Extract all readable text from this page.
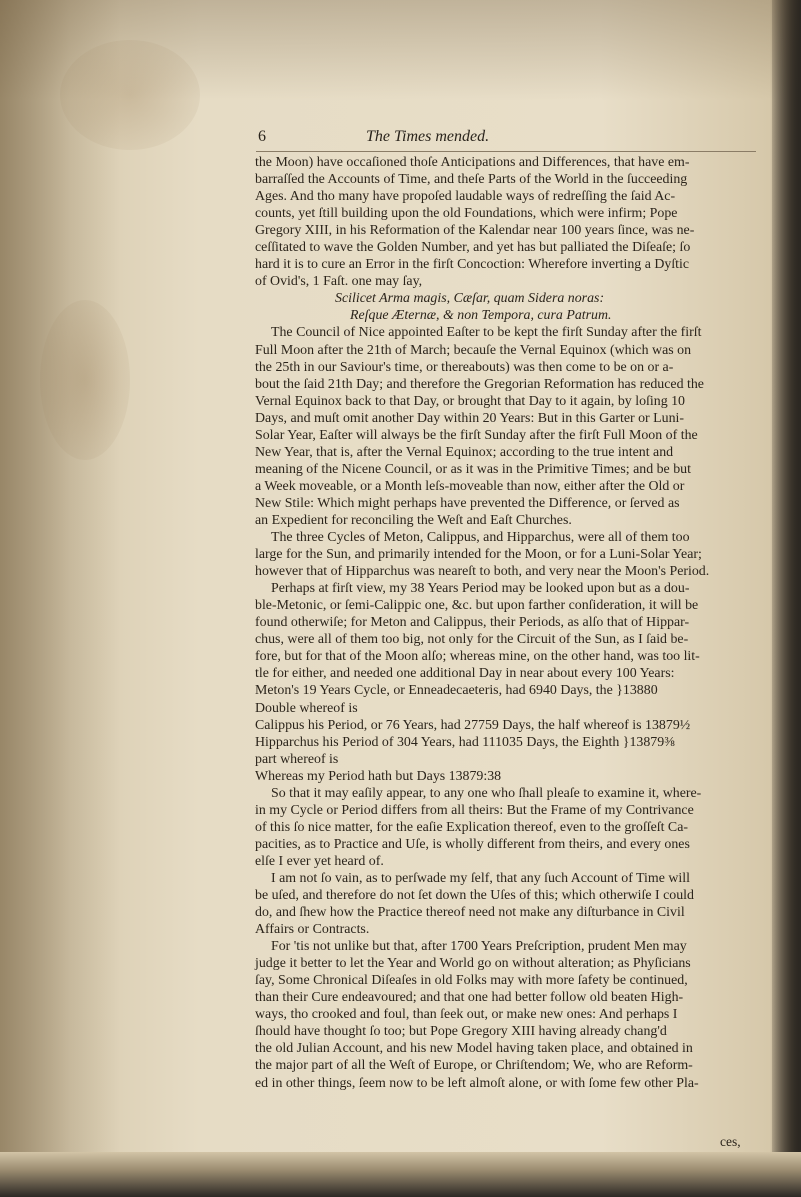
6	The Times mended.

the Moon) have occaſioned thoſe Anticipations and Differences, that have em-

barraſſed the Accounts of Time, and theſe Parts of the World in the ſucceeding

Ages. And tho many have propoſed laudable ways of redreſſing the ſaid Ac-

counts, yet ſtill building upon the old Foundations, which were infirm; Pope

Gregory XIII, in his Reformation of the Kalendar near 100 years ſince, was ne-

ceſſitated to wave the Golden Number, and yet has but palliated the Diſeaſe; ſo

hard it is to cure an Error in the firſt Concoction: Wherefore inverting a Dyſtic

of Ovid's, 1 Faſt. one may ſay,

Scilicet Arma magis, Cæſar, quam Sidera noras:

Reſque Æternæ, & non Tempora, cura Patrum.

The Council of Nice appointed Eaſter to be kept the firſt Sunday after the firſt

Full Moon after the 21th of March; becauſe the Vernal Equinox (which was on

the 25th in our Saviour's time, or thereabouts) was then come to be on or a-

bout the ſaid 21th Day; and therefore the Gregorian Reformation has reduced the

Vernal Equinox back to that Day, or brought that Day to it again, by loſing 10

Days, and muſt omit another Day within 20 Years: But in this Garter or Luni-

Solar Year, Eaſter will always be the firſt Sunday after the firſt Full Moon of the

New Year, that is, after the Vernal Equinox; according to the true intent and

meaning of the Nicene Council, or as it was in the Primitive Times; and be but

a Week moveable, or a Month leſs-moveable than now, either after the Old or

New Stile: Which might perhaps have prevented the Difference, or ſerved as

an Expedient for reconciling the Weſt and Eaſt Churches.

The three Cycles of Meton, Calippus, and Hipparchus, were all of them too

large for the Sun, and primarily intended for the Moon, or for a Luni-Solar Year;

however that of Hipparchus was neareſt to both, and very near the Moon's Period.

Perhaps at firſt view, my 38 Years Period may be looked upon but as a dou-

ble-Metonic, or ſemi-Calippic one, &c. but upon farther conſideration, it will be

found otherwiſe; for Meton and Calippus, their Periods, as alſo that of Hippar-

chus, were all of them too big, not only for the Circuit of the Sun, as I ſaid be-

fore, but for that of the Moon alſo; whereas mine, on the other hand, was too lit-

tle for either, and needed one additional Day in near about every 100 Years:

Meton's 19 Years Cycle, or Enneadecaeteris, had 6940 Days, the }13880

Double whereof is

Calippus his Period, or 76 Years, had 27759 Days, the half whereof is 13879½

Hipparchus his Period of 304 Years, had 111035 Days, the Eighth }13879⅜

part whereof is

Whereas my Period hath but Days 13879:38

So that it may eaſily appear, to any one who ſhall pleaſe to examine it, where-

in my Cycle or Period differs from all theirs: But the Frame of my Contrivance

of this ſo nice matter, for the eaſie Explication thereof, even to the groſſeſt Ca-

pacities, as to Practice and Uſe, is wholly different from theirs, and every ones

elſe I ever yet heard of.

I am not ſo vain, as to perſwade my ſelf, that any ſuch Account of Time will

be uſed, and therefore do not ſet down the Uſes of this; which otherwiſe I could

do, and ſhew how the Practice thereof need not make any diſturbance in Civil

Affairs or Contracts.

For 'tis not unlike but that, after 1700 Years Preſcription, prudent Men may

judge it better to let the Year and World go on without alteration; as Phyſicians

ſay, Some Chronical Diſeaſes in old Folks may with more ſafety be continued,

than their Cure endeavoured; and that one had better follow old beaten High-

ways, tho crooked and foul, than ſeek out, or make new ones: And perhaps I

ſhould have thought ſo too; but Pope Gregory XIII having already chang'd

the old Julian Account, and his new Model having taken place, and obtained in

the major part of all the Weſt of Europe, or Chriſtendom; We, who are Reform-

ed in other things, ſeem now to be left almoſt alone, or with ſome few other Pla-

ces,
